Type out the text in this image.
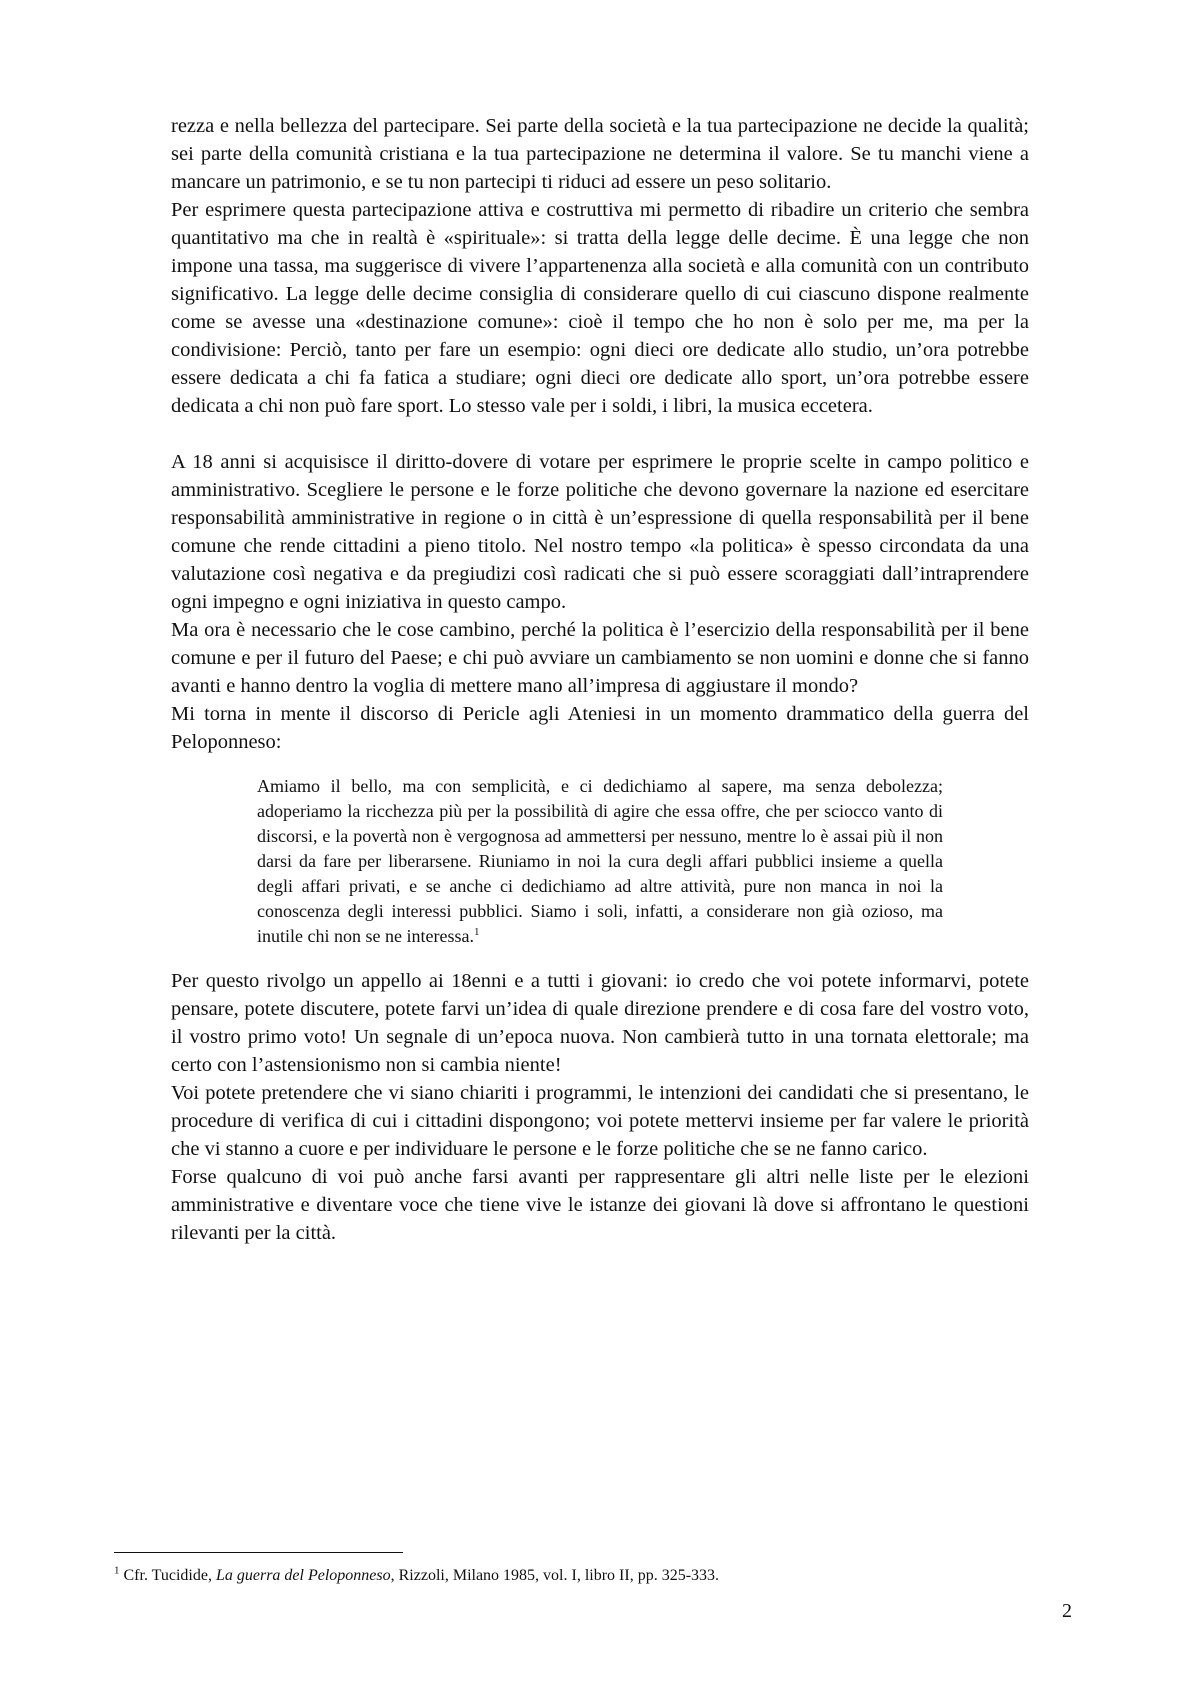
rezza e nella bellezza del partecipare. Sei parte della società e la tua partecipazione ne decide la qualità; sei parte della comunità cristiana e la tua partecipazione ne determina il valore. Se tu manchi viene a mancare un patrimonio, e se tu non partecipi ti riduci ad essere un peso solitario.

Per esprimere questa partecipazione attiva e costruttiva mi permetto di ribadire un criterio che sembra quantitativo ma che in realtà è «spirituale»: si tratta della legge delle decime. È una legge che non impone una tassa, ma suggerisce di vivere l’appartenenza alla società e alla comunità con un contributo significativo. La legge delle decime consiglia di considerare quello di cui ciascuno dispone realmente come se avesse una «destinazione comune»: cioè il tempo che ho non è solo per me, ma per la condivisione: Perciò, tanto per fare un esempio: ogni dieci ore dedicate allo studio, un’ora potrebbe essere dedicata a chi fa fatica a studiare; ogni dieci ore dedicate allo sport, un’ora potrebbe essere dedicata a chi non può fare sport. Lo stesso vale per i soldi, i libri, la musica eccetera.

A 18 anni si acquisisce il diritto-dovere di votare per esprimere le proprie scelte in campo politico e amministrativo. Scegliere le persone e le forze politiche che devono governare la nazione ed esercitare responsabilità amministrative in regione o in città è un’espressione di quella responsabilità per il bene comune che rende cittadini a pieno titolo. Nel nostro tempo «la politica» è spesso circondata da una valutazione così negativa e da pregiudizi così radicati che si può essere scoraggiati dall’intraprendere ogni impegno e ogni iniziativa in questo campo.

Ma ora è necessario che le cose cambino, perché la politica è l’esercizio della responsabilità per il bene comune e per il futuro del Paese; e chi può avviare un cambiamento se non uomini e donne che si fanno avanti e hanno dentro la voglia di mettere mano all’impresa di aggiustare il mondo?

Mi torna in mente il discorso di Pericle agli Ateniesi in un momento drammatico della guerra del Peloponneso:

Amiamo il bello, ma con semplicità, e ci dedichiamo al sapere, ma senza debolezza; adoperiamo la ricchezza più per la possibilità di agire che essa offre, che per sciocco vanto di discorsi, e la povertà non è vergognosa ad ammettersi per nessuno, mentre lo è assai più il non darsi da fare per liberarsene. Riuniamo in noi la cura degli affari pubblici insieme a quella degli affari privati, e se anche ci dedichiamo ad altre attività, pure non manca in noi la conoscenza degli interessi pubblici. Siamo i soli, infatti, a considerare non già ozioso, ma inutile chi non se ne interessa.$^1$

Per questo rivolgo un appello ai 18enni e a tutti i giovani: io credo che voi potete informarvi, potete pensare, potete discutere, potete farvi un’idea di quale direzione prendere e di cosa fare del vostro voto, il vostro primo voto! Un segnale di un’epoca nuova. Non cambierà tutto in una tornata elettorale; ma certo con l’astensionismo non si cambia niente!

Voi potete pretendere che vi siano chiariti i programmi, le intenzioni dei candidati che si presentano, le procedure di verifica di cui i cittadini dispongono; voi potete mettervi insieme per far valere le priorità che vi stanno a cuore e per individuare le persone e le forze politiche che se ne fanno carico.

Forse qualcuno di voi può anche farsi avanti per rappresentare gli altri nelle liste per le elezioni amministrative e diventare voce che tiene vive le istanze dei giovani là dove si affrontano le questioni rilevanti per la città.

$^1$ Cfr. Tucidide, La guerra del Peloponneso, Rizzoli, Milano 1985, vol. I, libro II, pp. 325-333.
2
